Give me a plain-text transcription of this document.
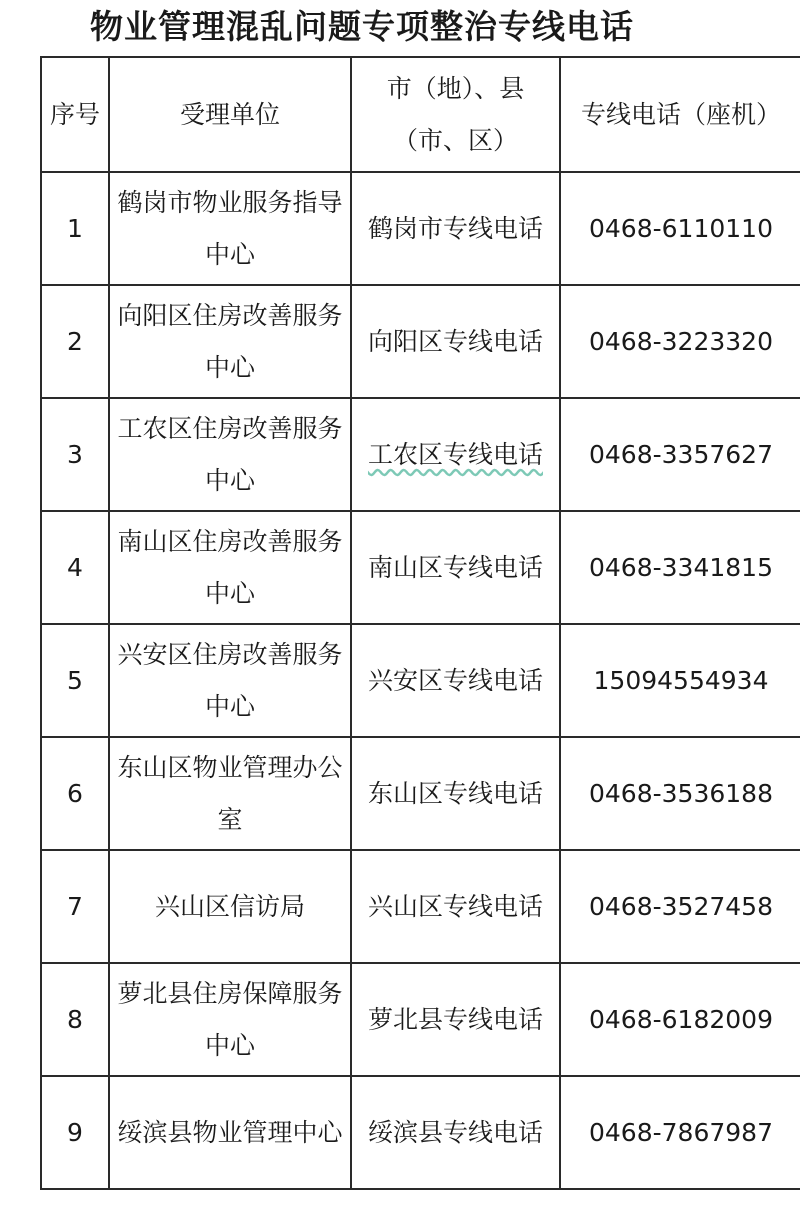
物业管理混乱问题专项整治专线电话
序号	受理单位	市（地）、县（市、区）	专线电话（座机）
1	鹤岗市物业服务指导中心	鹤岗市专线电话	0468-6110110
2	向阳区住房改善服务中心	向阳区专线电话	0468-3223320
3	工农区住房改善服务中心	工农区专线电话	0468-3357627
4	南山区住房改善服务中心	南山区专线电话	0468-3341815
5	兴安区住房改善服务中心	兴安区专线电话	15094554934
6	东山区物业管理办公室	东山区专线电话	0468-3536188
7	兴山区信访局	兴山区专线电话	0468-3527458
8	萝北县住房保障服务中心	萝北县专线电话	0468-6182009
9	绥滨县物业管理中心	绥滨县专线电话	0468-7867987
